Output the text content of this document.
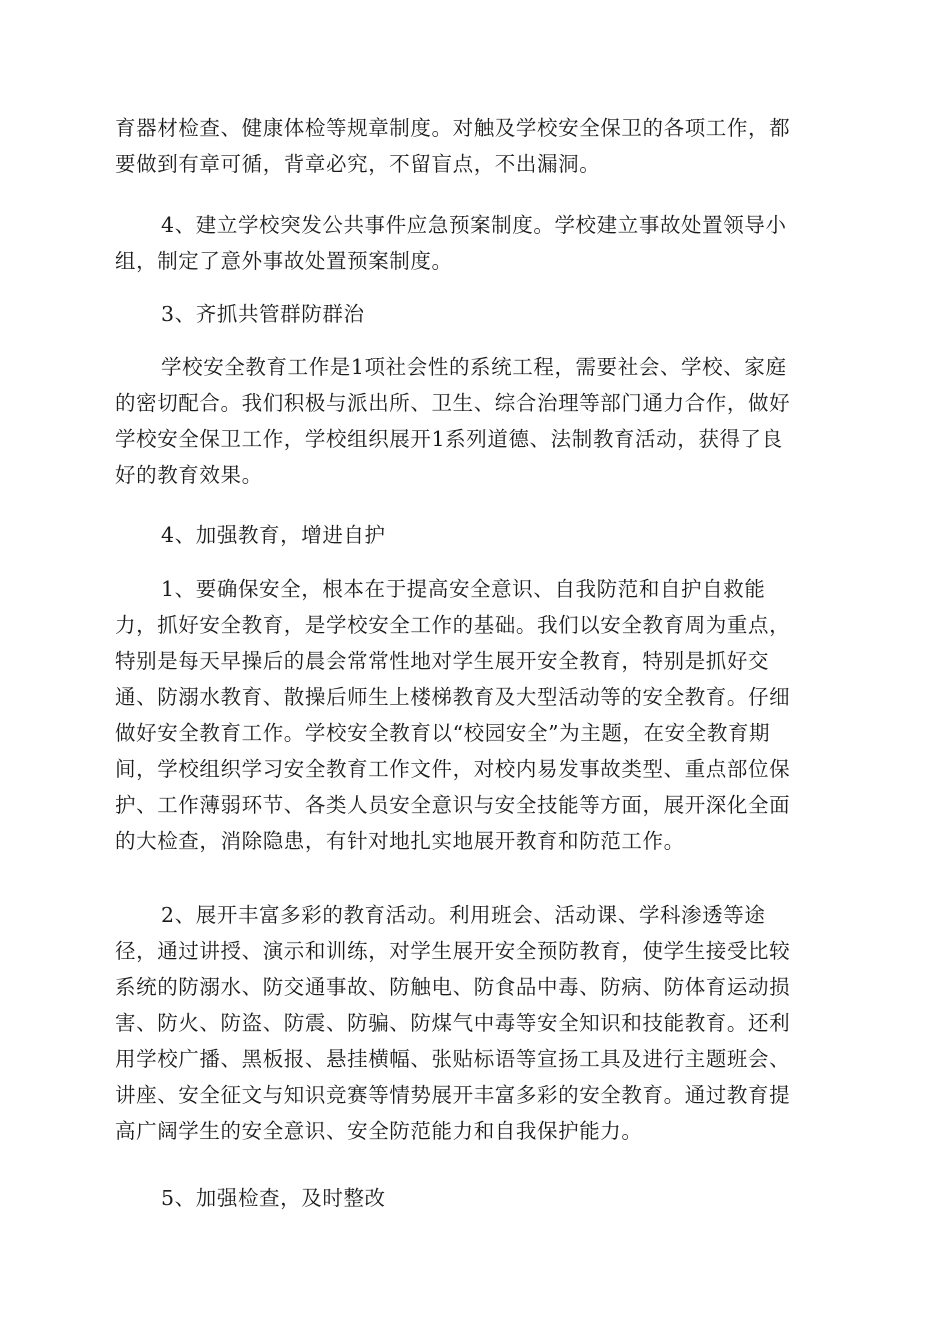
育器材检查、健康体检等规章制度。对触及学校安全保卫的各项工作，都
要做到有章可循，背章必究，不留盲点，不出漏洞。

4、建立学校突发公共事件应急预案制度。学校建立事故处置领导小
组，制定了意外事故处置预案制度。

3、齐抓共管群防群治

学校安全教育工作是1项社会性的系统工程，需要社会、学校、家庭
的密切配合。我们积极与派出所、卫生、综合治理等部门通力合作，做好
学校安全保卫工作，学校组织展开1系列道德、法制教育活动，获得了良
好的教育效果。

4、加强教育，增进自护

1、要确保安全，根本在于提高安全意识、自我防范和自护自救能
力，抓好安全教育，是学校安全工作的基础。我们以安全教育周为重点，
特别是每天早操后的晨会常常性地对学生展开安全教育，特别是抓好交
通、防溺水教育、散操后师生上楼梯教育及大型活动等的安全教育。仔细
做好安全教育工作。学校安全教育以“校园安全”为主题，在安全教育期
间，学校组织学习安全教育工作文件，对校内易发事故类型、重点部位保
护、工作薄弱环节、各类人员安全意识与安全技能等方面，展开深化全面
的大检查，消除隐患，有针对地扎实地展开教育和防范工作。

2、展开丰富多彩的教育活动。利用班会、活动课、学科渗透等途
径，通过讲授、演示和训练，对学生展开安全预防教育，使学生接受比较
系统的防溺水、防交通事故、防触电、防食品中毒、防病、防体育运动损
害、防火、防盗、防震、防骗、防煤气中毒等安全知识和技能教育。还利
用学校广播、黑板报、悬挂横幅、张贴标语等宣扬工具及进行主题班会、
讲座、安全征文与知识竞赛等情势展开丰富多彩的安全教育。通过教育提
高广阔学生的安全意识、安全防范能力和自我保护能力。

5、加强检查，及时整改
